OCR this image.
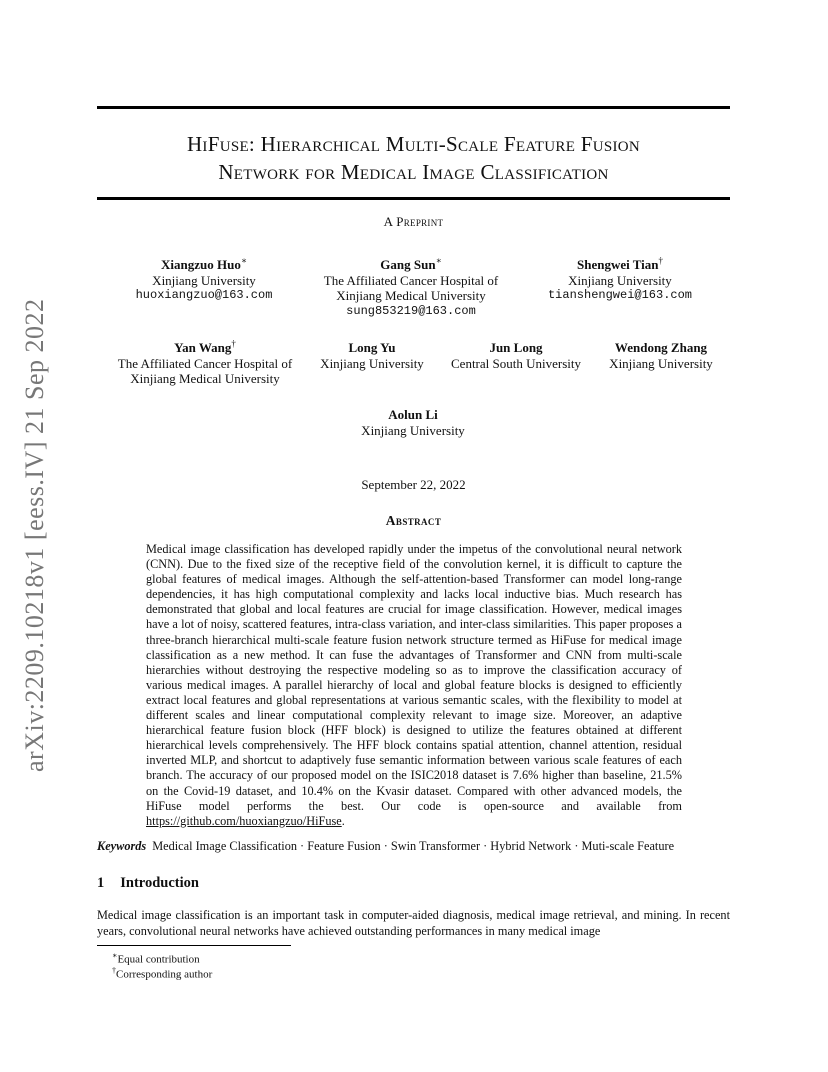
arXiv:2209.10218v1 [eess.IV] 21 Sep 2022
HiFuse: Hierarchical Multi-Scale Feature Fusion
Network for Medical Image Classification
A Preprint
Xiangzuo Huo∗
Xinjiang University
huoxiangzuo@163.com
Gang Sun∗
The Affiliated Cancer Hospital of
Xinjiang Medical University
sung853219@163.com
Shengwei Tian†
Xinjiang University
tianshengwei@163.com
Yan Wang†
The Affiliated Cancer Hospital of
Xinjiang Medical University
Long Yu
Xinjiang University
Jun Long
Central South University
Wendong Zhang
Xinjiang University
Aolun Li
Xinjiang University
September 22, 2022
Abstract

Medical image classification has developed rapidly under the impetus of the convolutional neural network (CNN). Due to the fixed size of the receptive field of the convolution kernel, it is difficult to capture the global features of medical images. Although the self-attention-based Transformer can model long-range dependencies, it has high computational complexity and lacks local inductive bias. Much research has demonstrated that global and local features are crucial for image classification. However, medical images have a lot of noisy, scattered features, intra-class variation, and inter-class similarities. This paper proposes a three-branch hierarchical multi-scale feature fusion network structure termed as HiFuse for medical image classification as a new method. It can fuse the advantages of Transformer and CNN from multi-scale hierarchies without destroying the respective modeling so as to improve the classification accuracy of various medical images. A parallel hierarchy of local and global feature blocks is designed to efficiently extract local features and global representations at various semantic scales, with the flexibility to model at different scales and linear computational complexity relevant to image size. Moreover, an adaptive hierarchical feature fusion block (HFF block) is designed to utilize the features obtained at different hierarchical levels comprehensively. The HFF block contains spatial attention, channel attention, residual inverted MLP, and shortcut to adaptively fuse semantic information between various scale features of each branch. The accuracy of our proposed model on the ISIC2018 dataset is 7.6% higher than baseline, 21.5% on the Covid-19 dataset, and 10.4% on the Kvasir dataset. Compared with other advanced models, the HiFuse model performs the best. Our code is open-source and available from https://github.com/huoxiangzuo/HiFuse.

Keywords Medical Image Classification · Feature Fusion · Swin Transformer · Hybrid Network · Muti-scale Feature
1 Introduction

Medical image classification is an important task in computer-aided diagnosis, medical image retrieval, and mining. In recent years, convolutional neural networks have achieved outstanding performances in many medical image

∗Equal contribution
†Corresponding author
